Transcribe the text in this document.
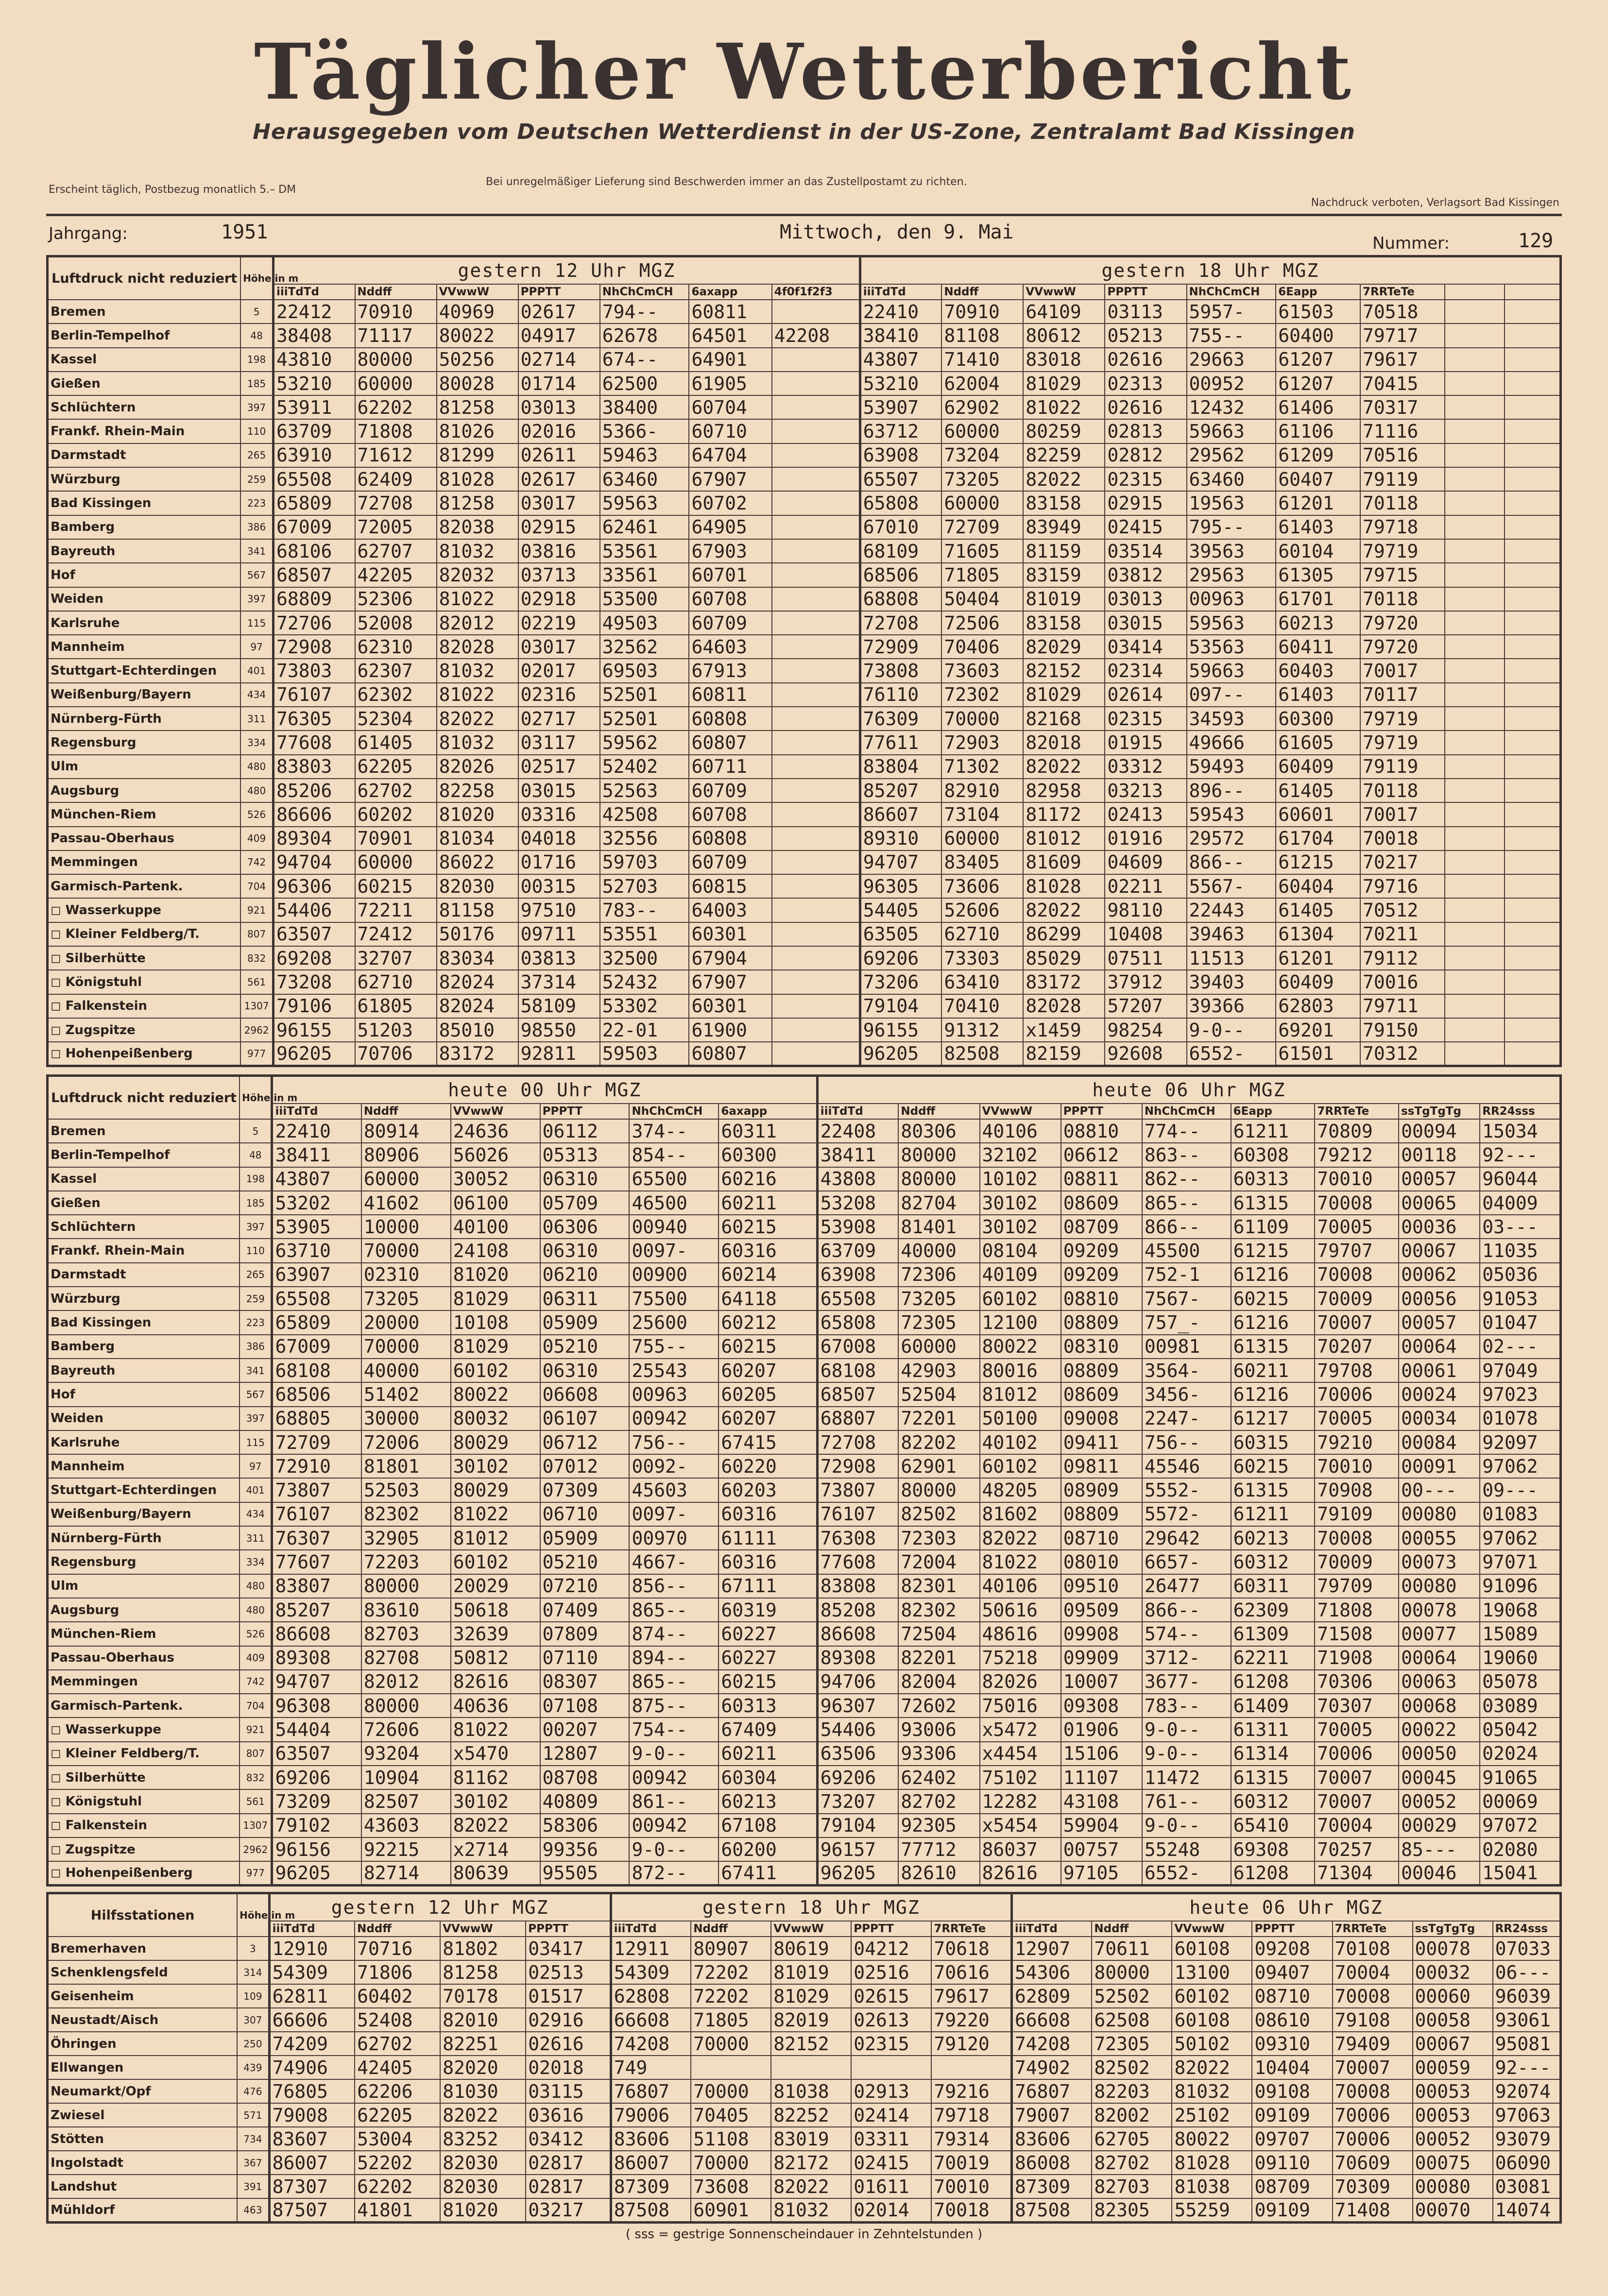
Täglicher Wetterbericht
Herausgegeben vom Deutschen Wetterdienst in der US-Zone, Zentralamt Bad Kissingen
Erscheint täglich, Postbezug monatlich 5.– DM
Bei unregelmäßiger Lieferung sind Beschwerden immer an das Zustellpostamt zu richten.
Nachdruck verboten, Verlagsort Bad Kissingen
Jahrgang:	1951	Mittwoch, den 9. Mai	Nummer:	129
Luftdruck nicht reduziert	Höhe in m	gestern 12 Uhr MGZ							gestern 18 Uhr MGZ								
		iiiTdTd	Nddff	VVwwW	PPPTT	NhChCmCH	6axapp	4f0f1f2f3	iiiTdTd	Nddff	VVwwW	PPPTT	NhChCmCH	6Eapp	7RRTeTe		
Bremen	5	22412	70910	40969	02617	794--	60811		22410	70910	64109	03113	5957-	61503	70518		
Berlin-Tempelhof	48	38408	71117	80022	04917	62678	64501	42208	38410	81108	80612	05213	755--	60400	79717		
Kassel	198	43810	80000	50256	02714	674--	64901		43807	71410	83018	02616	29663	61207	79617		
Gießen	185	53210	60000	80028	01714	62500	61905		53210	62004	81029	02313	00952	61207	70415		
Schlüchtern	397	53911	62202	81258	03013	38400	60704		53907	62902	81022	02616	12432	61406	70317		
Frankf. Rhein-Main	110	63709	71808	81026	02016	5366-	60710		63712	60000	80259	02813	59663	61106	71116		
Darmstadt	265	63910	71612	81299	02611	59463	64704		63908	73204	82259	02812	29562	61209	70516		
Würzburg	259	65508	62409	81028	02617	63460	67907		65507	73205	82022	02315	63460	60407	79119		
Bad Kissingen	223	65809	72708	81258	03017	59563	60702		65808	60000	83158	02915	19563	61201	70118		
Bamberg	386	67009	72005	82038	02915	62461	64905		67010	72709	83949	02415	795--	61403	79718		
Bayreuth	341	68106	62707	81032	03816	53561	67903		68109	71605	81159	03514	39563	60104	79719		
Hof	567	68507	42205	82032	03713	33561	60701		68506	71805	83159	03812	29563	61305	79715		
Weiden	397	68809	52306	81022	02918	53500	60708		68808	50404	81019	03013	00963	61701	70118		
Karlsruhe	115	72706	52008	82012	02219	49503	60709		72708	72506	83158	03015	59563	60213	79720		
Mannheim	97	72908	62310	82028	03017	32562	64603		72909	70406	82029	03414	53563	60411	79720		
Stuttgart-Echterdingen	401	73803	62307	81032	02017	69503	67913		73808	73603	82152	02314	59663	60403	70017		
Weißenburg/Bayern	434	76107	62302	81022	02316	52501	60811		76110	72302	81029	02614	097--	61403	70117		
Nürnberg-Fürth	311	76305	52304	82022	02717	52501	60808		76309	70000	82168	02315	34593	60300	79719		
Regensburg	334	77608	61405	81032	03117	59562	60807		77611	72903	82018	01915	49666	61605	79719		
Ulm	480	83803	62205	82026	02517	52402	60711		83804	71302	82022	03312	59493	60409	79119		
Augsburg	480	85206	62702	82258	03015	52563	60709		85207	82910	82958	03213	896--	61405	70118		
München-Riem	526	86606	60202	81020	03316	42508	60708		86607	73104	81172	02413	59543	60601	70017		
Passau-Oberhaus	409	89304	70901	81034	04018	32556	60808		89310	60000	81012	01916	29572	61704	70018		
Memmingen	742	94704	60000	86022	01716	59703	60709		94707	83405	81609	04609	866--	61215	70217		
Garmisch-Partenk.	704	96306	60215	82030	00315	52703	60815		96305	73606	81028	02211	5567-	60404	79716		
◻ Wasserkuppe	921	54406	72211	81158	97510	783--	64003		54405	52606	82022	98110	22443	61405	70512		
◻ Kleiner Feldberg/T.	807	63507	72412	50176	09711	53551	60301		63505	62710	86299	10408	39463	61304	70211		
◻ Silberhütte	832	69208	32707	83034	03813	32500	67904		69206	73303	85029	07511	11513	61201	79112		
◻ Königstuhl	561	73208	62710	82024	37314	52432	67907		73206	63410	83172	37912	39403	60409	70016		
◻ Falkenstein	1307	79106	61805	82024	58109	53302	60301		79104	70410	82028	57207	39366	62803	79711		
◻ Zugspitze	2962	96155	51203	85010	98550	22-01	61900		96155	91312	x1459	98254	9-0--	69201	79150		
◻ Hohenpeißenberg	977	96205	70706	83172	92811	59503	60807		96205	82508	82159	92608	6552-	61501	70312		
Luftdruck nicht reduziert	Höhe in m	heute 00 Uhr MGZ						heute 06 Uhr MGZ								
		iiiTdTd	Nddff	VVwwW	PPPTT	NhChCmCH	6axapp	iiiTdTd	Nddff	VVwwW	PPPTT	NhChCmCH	6Eapp	7RRTeTe	ssTgTgTg	RR24sss
Bremen	5	22410	80914	24636	06112	374--	60311	22408	80306	40106	08810	774--	61211	70809	00094	15034
Berlin-Tempelhof	48	38411	80906	56026	05313	854--	60300	38411	80000	32102	06612	863--	60308	79212	00118	92---
Kassel	198	43807	60000	30052	06310	65500	60216	43808	80000	10102	08811	862--	60313	70010	00057	96044
Gießen	185	53202	41602	06100	05709	46500	60211	53208	82704	30102	08609	865--	61315	70008	00065	04009
Schlüchtern	397	53905	10000	40100	06306	00940	60215	53908	81401	30102	08709	866--	61109	70005	00036	03---
Frankf. Rhein-Main	110	63710	70000	24108	06310	0097-	60316	63709	40000	08104	09209	45500	61215	79707	00067	11035
Darmstadt	265	63907	02310	81020	06210	00900	60214	63908	72306	40109	09209	752-1	61216	70008	00062	05036
Würzburg	259	65508	73205	81029	06311	75500	64118	65508	73205	60102	08810	7567-	60215	70009	00056	91053
Bad Kissingen	223	65809	20000	10108	05909	25600	60212	65808	72305	12100	08809	757_-	61216	70007	00057	01047
Bamberg	386	67009	70000	81029	05210	755--	60215	67008	60000	80022	08310	00981	61315	70207	00064	02---
Bayreuth	341	68108	40000	60102	06310	25543	60207	68108	42903	80016	08809	3564-	60211	79708	00061	97049
Hof	567	68506	51402	80022	06608	00963	60205	68507	52504	81012	08609	3456-	61216	70006	00024	97023
Weiden	397	68805	30000	80032	06107	00942	60207	68807	72201	50100	09008	2247-	61217	70005	00034	01078
Karlsruhe	115	72709	72006	80029	06712	756--	67415	72708	82202	40102	09411	756--	60315	79210	00084	92097
Mannheim	97	72910	81801	30102	07012	0092-	60220	72908	62901	60102	09811	45546	60215	70010	00091	97062
Stuttgart-Echterdingen	401	73807	52503	80029	07309	45603	60203	73807	80000	48205	08909	5552-	61315	70908	00---	09---
Weißenburg/Bayern	434	76107	82302	81022	06710	0097-	60316	76107	82502	81602	08809	5572-	61211	79109	00080	01083
Nürnberg-Fürth	311	76307	32905	81012	05909	00970	61111	76308	72303	82022	08710	29642	60213	70008	00055	97062
Regensburg	334	77607	72203	60102	05210	4667-	60316	77608	72004	81022	08010	6657-	60312	70009	00073	97071
Ulm	480	83807	80000	20029	07210	856--	67111	83808	82301	40106	09510	26477	60311	79709	00080	91096
Augsburg	480	85207	83610	50618	07409	865--	60319	85208	82302	50616	09509	866--	62309	71808	00078	19068
München-Riem	526	86608	82703	32639	07809	874--	60227	86608	72504	48616	09908	574--	61309	71508	00077	15089
Passau-Oberhaus	409	89308	82708	50812	07110	894--	60227	89308	82201	75218	09909	3712-	62211	71908	00064	19060
Memmingen	742	94707	82012	82616	08307	865--	60215	94706	82004	82026	10007	3677-	61208	70306	00063	05078
Garmisch-Partenk.	704	96308	80000	40636	07108	875--	60313	96307	72602	75016	09308	783--	61409	70307	00068	03089
◻ Wasserkuppe	921	54404	72606	81022	00207	754--	67409	54406	93006	x5472	01906	9-0--	61311	70005	00022	05042
◻ Kleiner Feldberg/T.	807	63507	93204	x5470	12807	9-0--	60211	63506	93306	x4454	15106	9-0--	61314	70006	00050	02024
◻ Silberhütte	832	69206	10904	81162	08708	00942	60304	69206	62402	75102	11107	11472	61315	70007	00045	91065
◻ Königstuhl	561	73209	82507	30102	40809	861--	60213	73207	82702	12282	43108	761--	60312	70007	00052	00069
◻ Falkenstein	1307	79102	43603	82022	58306	00942	67108	79104	92305	x5454	59904	9-0--	65410	70004	00029	97072
◻ Zugspitze	2962	96156	92215	x2714	99356	9-0--	60200	96157	77712	86037	00757	55248	69308	70257	85---	02080
◻ Hohenpeißenberg	977	96205	82714	80639	95505	872--	67411	96205	82610	82616	97105	6552-	61208	71304	00046	15041
Hilfsstationen	Höhe in m	gestern 12 Uhr MGZ				gestern 18 Uhr MGZ					heute 06 Uhr MGZ						
		iiiTdTd	Nddff	VVwwW	PPPTT	iiiTdTd	Nddff	VVwwW	PPPTT	7RRTeTe	iiiTdTd	Nddff	VVwwW	PPPTT	7RRTeTe	ssTgTgTg	RR24sss
Bremerhaven	3	12910	70716	81802	03417	12911	80907	80619	04212	70618	12907	70611	60108	09208	70108	00078	07033
Schenklengsfeld	314	54309	71806	81258	02513	54309	72202	81019	02516	70616	54306	80000	13100	09407	70004	00032	06---
Geisenheim	109	62811	60402	70178	01517	62808	72202	81029	02615	79617	62809	52502	60102	08710	70008	00060	96039
Neustadt/Aisch	307	66606	52408	82010	02916	66608	71805	82019	02613	79220	66608	62508	60108	08610	79108	00058	93061
Öhringen	250	74209	62702	82251	02616	74208	70000	82152	02315	79120	74208	72305	50102	09310	79409	00067	95081
Ellwangen	439	74906	42405	82020	02018	749					74902	82502	82022	10404	70007	00059	92---
Neumarkt/Opf	476	76805	62206	81030	03115	76807	70000	81038	02913	79216	76807	82203	81032	09108	70008	00053	92074
Zwiesel	571	79008	62205	82022	03616	79006	70405	82252	02414	79718	79007	82002	25102	09109	70006	00053	97063
Stötten	734	83607	53004	83252	03412	83606	51108	83019	03311	79314	83606	62705	80022	09707	70006	00052	93079
Ingolstadt	367	86007	52202	82030	02817	86007	70000	82172	02415	70019	86008	82702	81028	09110	70609	00075	06090
Landshut	391	87307	62202	82030	02817	87309	73608	82022	01611	70010	87309	82703	81038	08709	70309	00080	03081
Mühldorf	463	87507	41801	81020	03217	87508	60901	81032	02014	70018	87508	82305	55259	09109	71408	00070	14074
( sss = gestrige Sonnenscheindauer in Zehntelstunden )
